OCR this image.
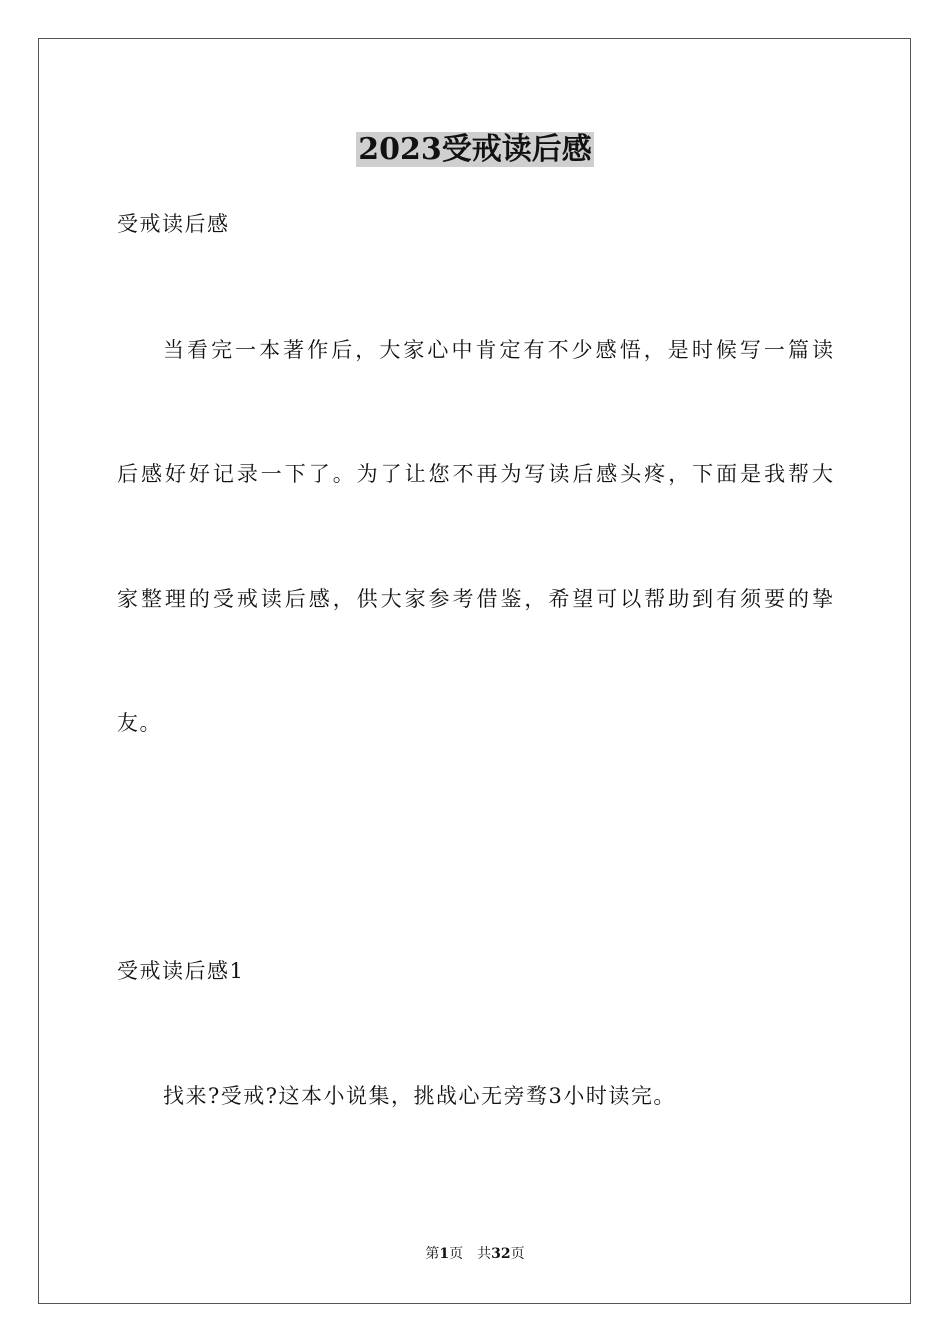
2023受戒读后感
受戒读后感
当看完一本著作后，大家心中肯定有不少感悟，是时候写一篇读
后感好好记录一下了。为了让您不再为写读后感头疼，下面是我帮大
家整理的受戒读后感，供大家参考借鉴，希望可以帮助到有须要的挚
友。
受戒读后感1
找来?受戒?这本小说集，挑战心无旁骛3小时读完。
第1页 共32页
